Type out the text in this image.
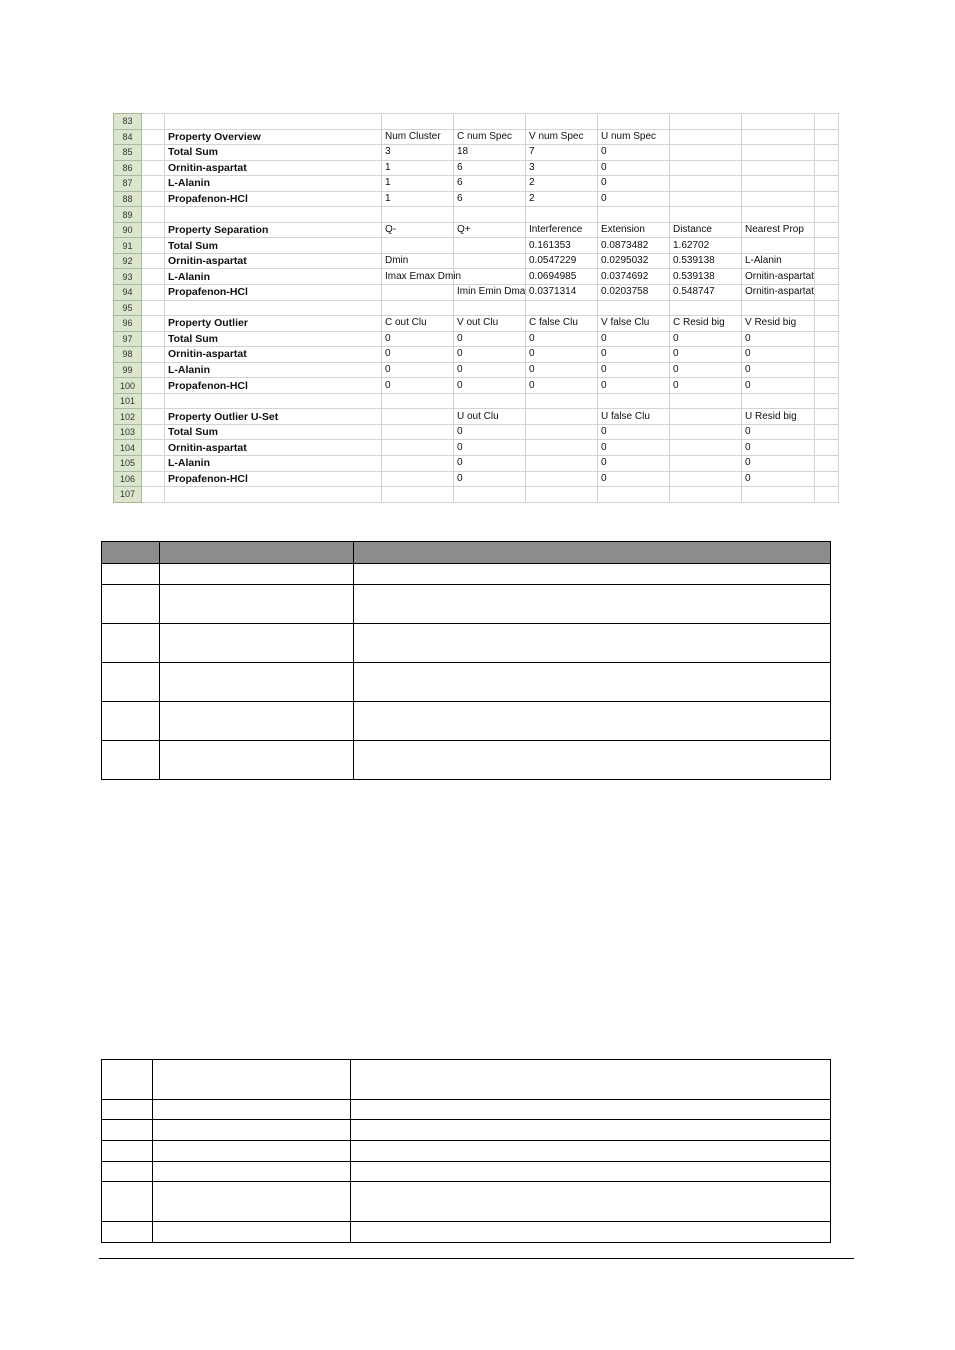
83										
84		Property Overview	Num Cluster	C num Spec	V num Spec	U num Spec				
85		Total Sum	3	18	7	0				
86		Ornitin-aspartat	1	6	3	0				
87		L-Alanin	1	6	2	0				
88		Propafenon-HCl	1	6	2	0				
89										
90		Property Separation	Q-	Q+	Interference	Extension	Distance	Nearest Prop		
91		Total Sum			0.161353	0.0873482	1.62702			
92		Ornitin-aspartat	Dmin		0.0547229	0.0295032	0.539138	L-Alanin		
93		L-Alanin	Imax Emax Dmin		0.0694985	0.0374692	0.539138	Ornitin-aspartat		
94		Propafenon-HCl		Imin Emin Dma	0.0371314	0.0203758	0.548747	Ornitin-aspartat		
95										
96		Property Outlier	C out Clu	V out Clu	C false Clu	V false Clu	C Resid big	V Resid big		
97		Total Sum	0	0	0	0	0	0		
98		Ornitin-aspartat	0	0	0	0	0	0		
99		L-Alanin	0	0	0	0	0	0		
100		Propafenon-HCl	0	0	0	0	0	0		
101										
102		Property Outlier U-Set		U out Clu		U false Clu		U Resid big		
103		Total Sum		0		0		0		
104		Ornitin-aspartat		0		0		0		
105		L-Alanin		0		0		0		
106		Propafenon-HCl		0		0		0		
107										
